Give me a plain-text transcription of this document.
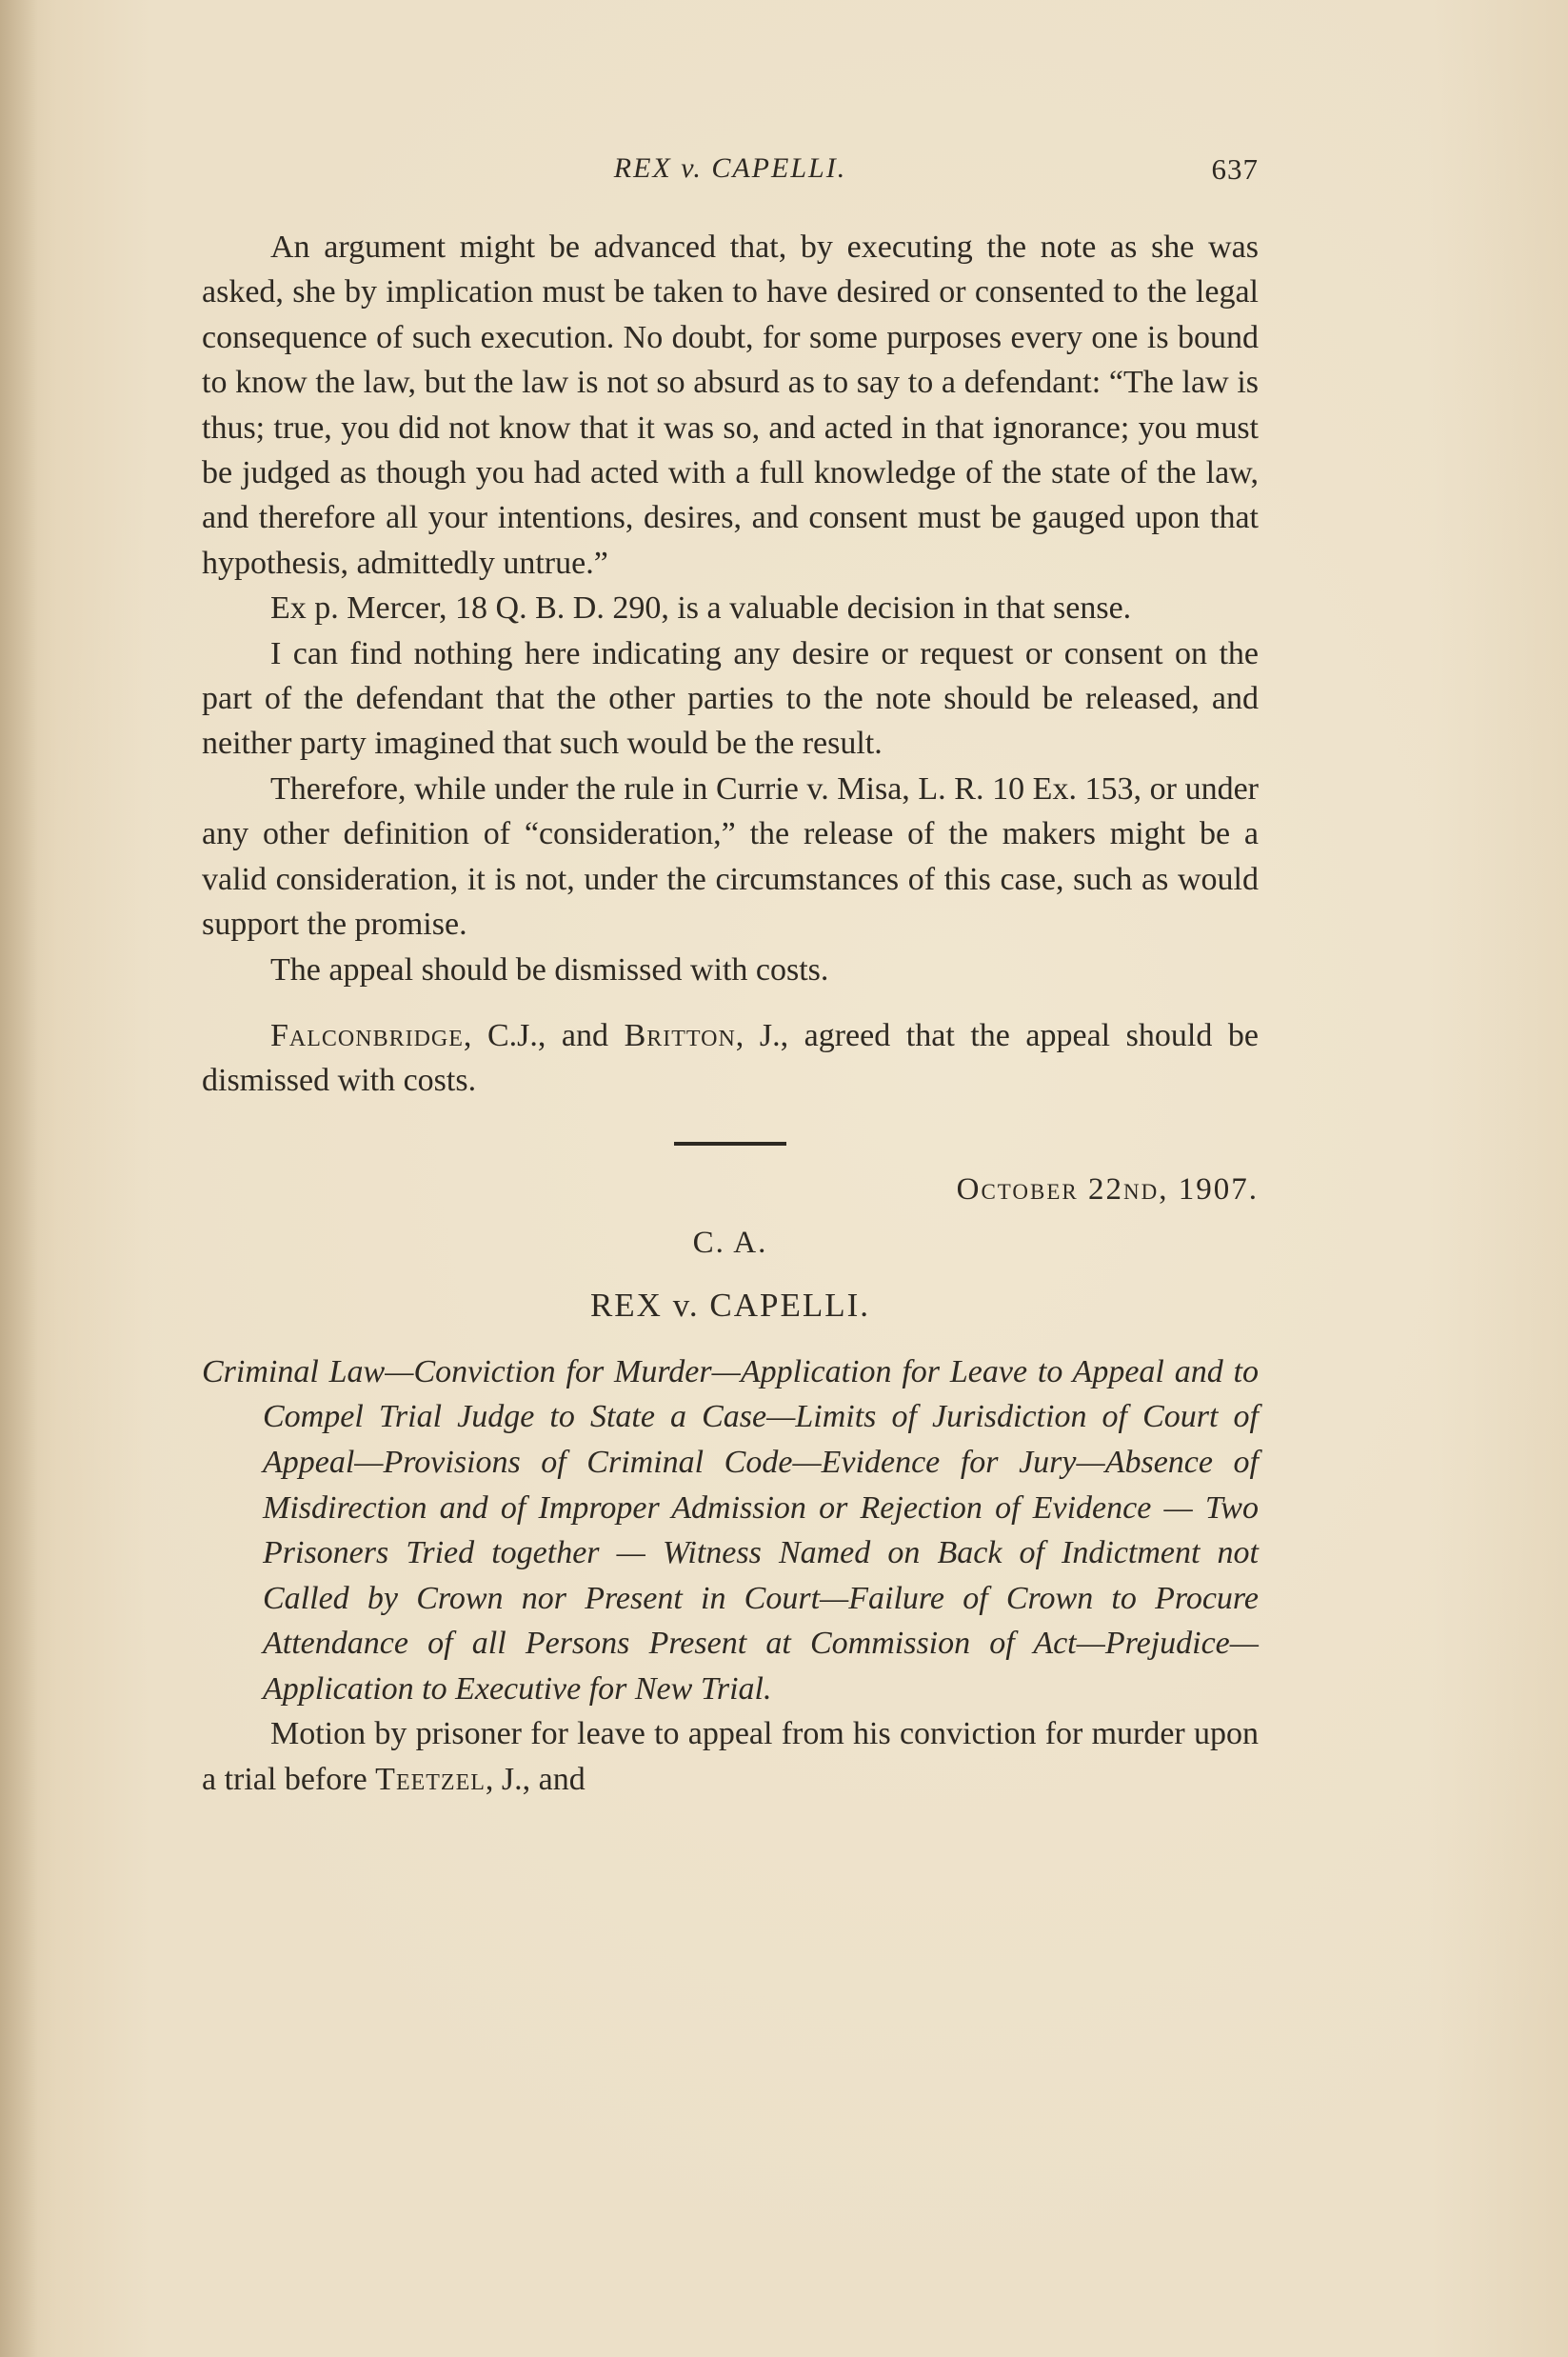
REX v. CAPELLI.	637

An argument might be advanced that, by executing the note as she was asked, she by implication must be taken to have desired or consented to the legal consequence of such execution. No doubt, for some purposes every one is bound to know the law, but the law is not so absurd as to say to a defendant: “The law is thus; true, you did not know that it was so, and acted in that ignorance; you must be judged as though you had acted with a full knowledge of the state of the law, and therefore all your intentions, desires, and consent must be gauged upon that hypothesis, admittedly untrue.”

Ex p. Mercer, 18 Q. B. D. 290, is a valuable decision in that sense.

I can find nothing here indicating any desire or request or consent on the part of the defendant that the other parties to the note should be released, and neither party imagined that such would be the result.

Therefore, while under the rule in Currie v. Misa, L. R. 10 Ex. 153, or under any other definition of “consideration,” the release of the makers might be a valid consideration, it is not, under the circumstances of this case, such as would support the promise.

The appeal should be dismissed with costs.

Falconbridge, C.J., and Britton, J., agreed that the appeal should be dismissed with costs.

October 22nd, 1907.
C. A.
REX v. CAPELLI.
Criminal Law—Conviction for Murder—Application for Leave to Appeal and to Compel Trial Judge to State a Case—Limits of Jurisdiction of Court of Appeal—Provisions of Criminal Code—Evidence for Jury—Absence of Misdirection and of Improper Admission or Rejection of Evidence — Two Prisoners Tried together — Witness Named on Back of Indictment not Called by Crown nor Present in Court—Failure of Crown to Procure Attendance of all Persons Present at Commission of Act—Prejudice—Application to Executive for New Trial.

Motion by prisoner for leave to appeal from his conviction for murder upon a trial before Teetzel, J., and
